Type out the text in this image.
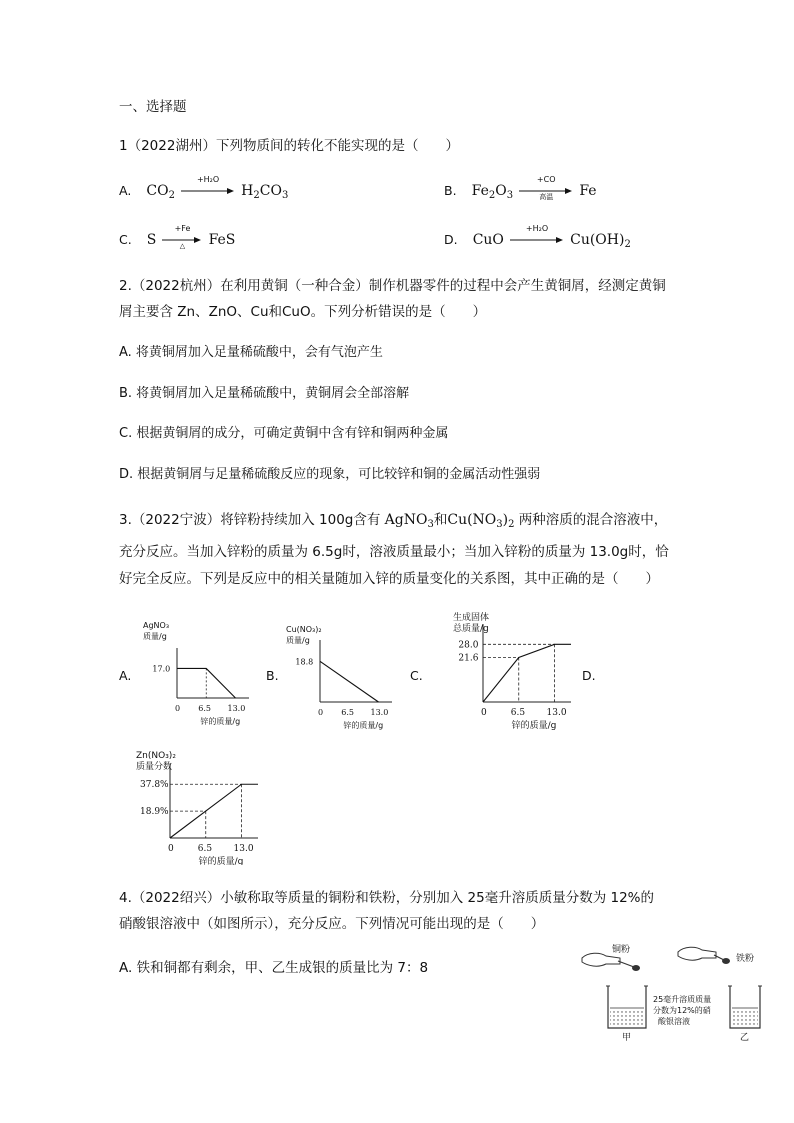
一、选择题
1（2022湖州）下列物质间的转化不能实现的是（　　）
A. $CO_2$
+H₂O
$H_2CO_3$	B. $Fe_2O_3$
+CO
高温	Fe
C. S
+Fe
△	FeS	D. CuO
+H₂O
$Cu(OH)_2$
2.（2022杭州）在利用黄铜（一种合金）制作机器零件的过程中会产生黄铜屑，经测定黄铜
屑主要含 Zn、ZnO、Cu和CuO。下列分析错误的是（　　）
A. 将黄铜屑加入足量稀硫酸中，会有气泡产生
B. 将黄铜屑加入足量稀硫酸中，黄铜屑会全部溶解
C. 根据黄铜屑的成分，可确定黄铜中含有锌和铜两种金属
D. 根据黄铜屑与足量稀硫酸反应的现象，可比较锌和铜的金属活动性强弱
3.（2022宁波）将锌粉持续加入 100g含有 AgNO$_3$和$Cu(NO_3)_2$ 两种溶质的混合溶液中，
充分反应。当加入锌粉的质量为 6.5g时，溶液质量最小；当加入锌粉的质量为 13.0g时，恰
好完全反应。下列是反应中的相关量随加入锌的质量变化的关系图，其中正确的是（　　）
A.	B.	C.	D.
AgNO₃
质量/g
锌的质量/g
0 6.5 13.0
17.0
Cu(NO₃)₂
质量/g
锌的质量/g
0 6.5 13.0
18.8
生成固体
总质量/g
锌的质量/g
0	6.5 13.0
28.0
21.6
Zn(NO₃)₂
质量分数
锌的质量/g
0	6.5 13.0
37.8%
18.9%
4.（2022绍兴）小敏称取等质量的铜粉和铁粉，分别加入 25毫升溶质质量分数为 12%的
硝酸银溶液中（如图所示），充分反应。下列情况可能出现的是（　　）
A. 铁和铜都有剩余，甲、乙生成银的质量比为 7：8
铜粉
铁粉
25毫升溶质质量
分数为12%的硝
酸银溶液
甲	乙
